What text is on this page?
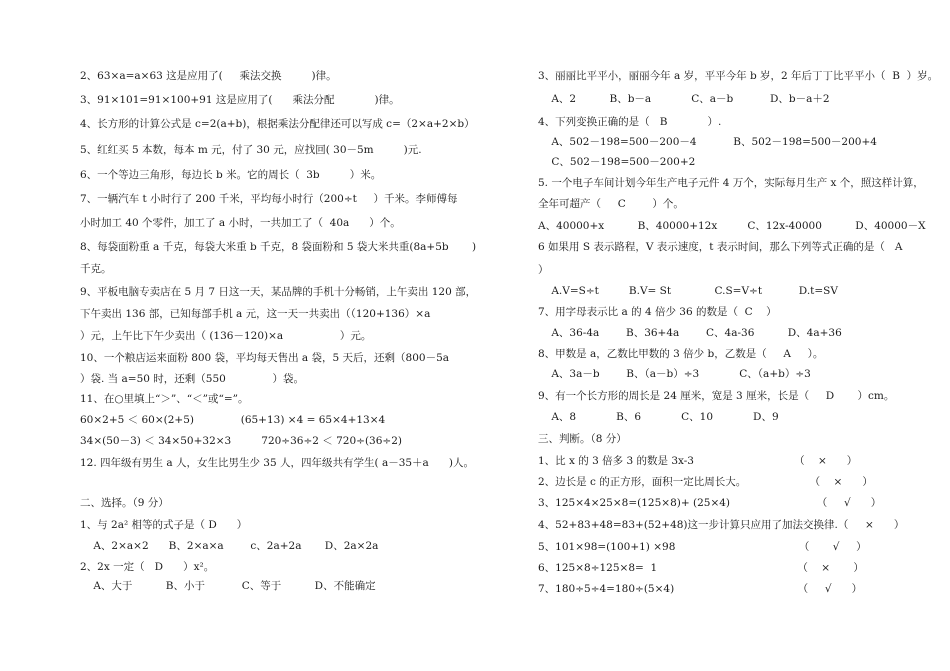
2、63×a=a×63 这是应用了(     乘法交换         )律。
3、91×101=91×100+91 这是应用了(      乘法分配            )律。
4、长方形的计算公式是 c=2(a+b)，根据乘法分配律还可以写成 c=（2×a+2×b）
5、红红买 5 本数，每本 m 元，付了 30 元，应找回( 30－5m         )元.
6、一个等边三角形，每边长 b 米。它的周长（  3b         ）米。
7、一辆汽车 t 小时行了 200 千米，平均每小时行（200÷t     ）千米。李师傅每
小时加工 40 个零件，加工了 a 小时，一共加工了（  40a      ）个。
8、每袋面粉重 a 千克，每袋大米重 b 千克，8 袋面粉和 5 袋大米共重(8a+5b       )
千克。
9、平板电脑专卖店在 5 月 7 日这一天，某品牌的手机十分畅销，上午卖出 120 部，
下午卖出 136 部，已知每部手机 a 元，这一天一共卖出（（120+136）×a
）元，上午比下午少卖出（ (136－120)×a                 ）元。
10、一个粮店运来面粉 800 袋，平均每天售出 a 袋，5 天后，还剩（800－5a
）袋. 当 a=50 时，还剩（550              ）袋。
11、在○里填上“＞”、“＜”或“=”。
60×2+5 ＜ 60×(2+5)              (65+13) ×4 = 65×4+13×4
34×(50－3) ＜ 34×50+32×3         720÷36÷2 ＜ 720÷(36÷2)
12. 四年级有男生 a 人，女生比男生少 35 人，四年级共有学生( a－35＋a      )人。
二、选择。（9 分）
1、与 2a² 相等的式子是（ D      ）
A、2×a×2      B、2×a×a        c、2a+2a       D、2a×2a
2、2x 一定（   D      ）x²。
A、大于          B、小于           C、等于          D、不能确定
3、丽丽比平平小，丽丽今年 a 岁，平平今年 b 岁，2 年后丁丁比平平小（  B  ）岁。
A、2          B、b－a            C、a－b           D、b－a＋2
4、下列变换正确的是（   B            ）.
A、502－198=500－200－4           B、502－198=500－200+4
C、502－198=500－200+2
5. 一个电子车间计划今年生产电子元件 4 万个，实际每月生产 x 个，照这样计算，
全年可超产（     C        ）个。
A、40000+x          B、40000+12x         C、12x-40000          D、40000－X
6 如果用 S 表示路程，V 表示速度，t 表示时间，那么下列等式正确的是（   A
）
A.V=S÷t         B.V= St             C.S=V÷t           D.t=SV
7、用字母表示比 a 的 4 倍少 36 的数是（  C    ）
A、36-4a        B、36+4a        C、4a-36          D、4a+36
8、甲数是 a，乙数比甲数的 3 倍少 b，乙数是（     A     ）。
A、3a－b        B、（a－b）÷3            C、（a+b）÷3
9、有一个长方形的周长是 24 厘米，宽是 3 厘米，长是（     D       ）cm。
A、8            B、6            C、10            D、9
三、判断。（8 分）
1、比 x 的 3 倍多 3 的数是 3x-3                              （    ×      ）
2、边长是 c 的正方形，面积一定比周长大。                   （    ×      ）
3、125×4×25×8=(125×8)+ (25×4)                          （     √      ）
4、52+83+48=83+(52+48)这一步计算只应用了加法交换律.（     ×      ）
5、101×98=(100+1) ×98                                     （       √     ）
6、125×8÷125×8=  1                                          （    ×       ）
7、180÷5÷4=180÷(5×4)                                     （     √      ）
